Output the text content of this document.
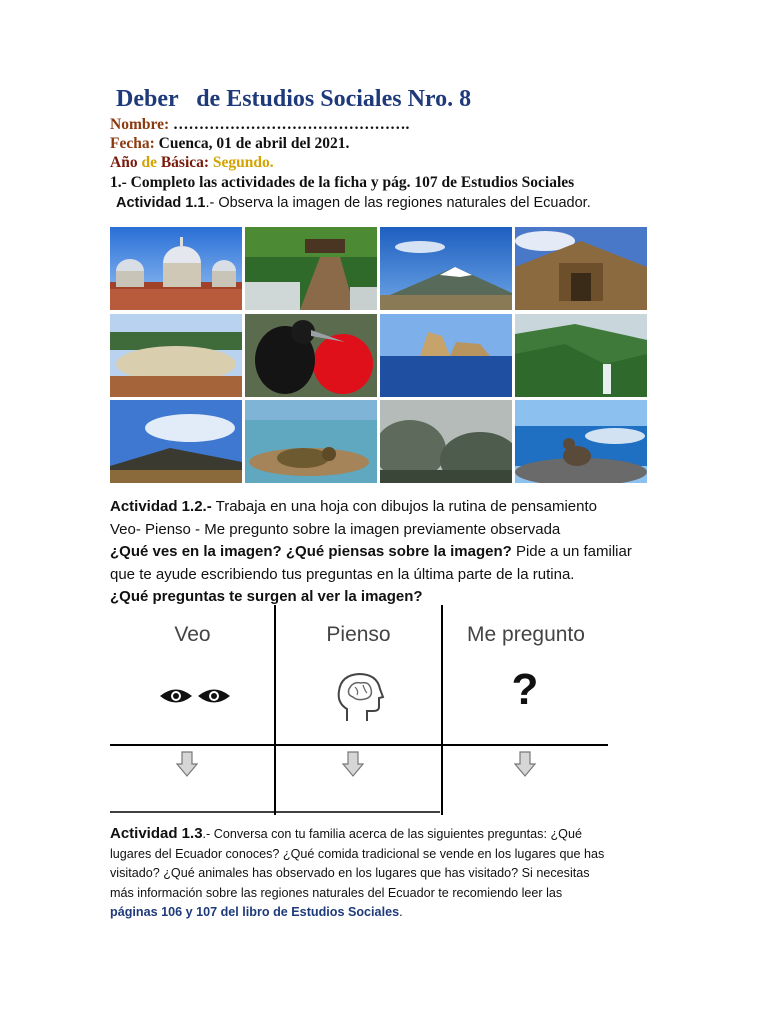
Deber   de Estudios Sociales Nro. 8
Nombre: ……………………………………….
Fecha: Cuenca, 01 de abril del 2021.
Año de Básica: Segundo.
1.- Completo las actividades de la ficha y pág. 107 de Estudios Sociales
Actividad 1.1.- Observa la imagen de las regiones naturales del Ecuador.

Actividad 1.2.- Trabaja en una hoja con dibujos la rutina de pensamiento

Veo- Pienso - Me pregunto sobre la imagen previamente observada

¿Qué ves en la imagen? ¿Qué piensas sobre la imagen? Pide a un familiar

que te ayude escribiendo tus preguntas en la última parte de la rutina.

¿Qué preguntas te surgen al ver la imagen?

Veo	Pienso	Me pregunto
?

Actividad 1.3.- Conversa con tu familia acerca de las siguientes preguntas: ¿Qué

lugares del Ecuador conoces? ¿Qué comida tradicional se vende en los lugares que has

visitado? ¿Qué animales has observado en los lugares que has visitado? Si necesitas

más información sobre las regiones naturales del Ecuador te recomiendo leer las

páginas 106 y 107 del libro de Estudios Sociales.
